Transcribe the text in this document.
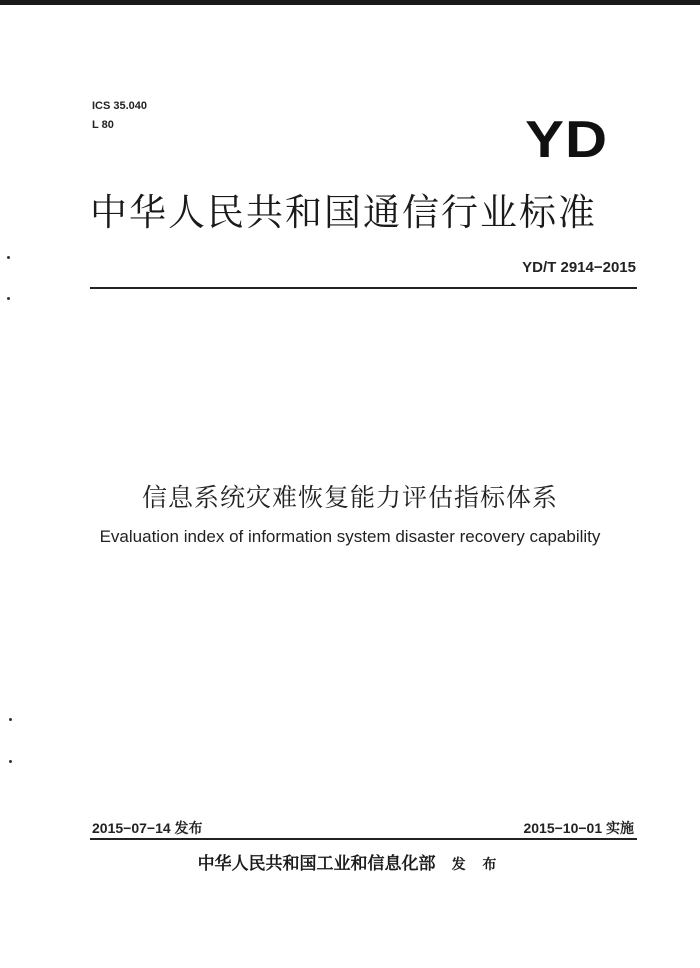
ICS 35.040
L 80	YD
中华人民共和国通信行业标准
YD/T 2914−2015
信息系统灾难恢复能力评估指标体系
Evaluation index of information system disaster recovery capability
2015−07−14 发布	2015−10−01 实施
中华人民共和国工业和信息化部 发 布
